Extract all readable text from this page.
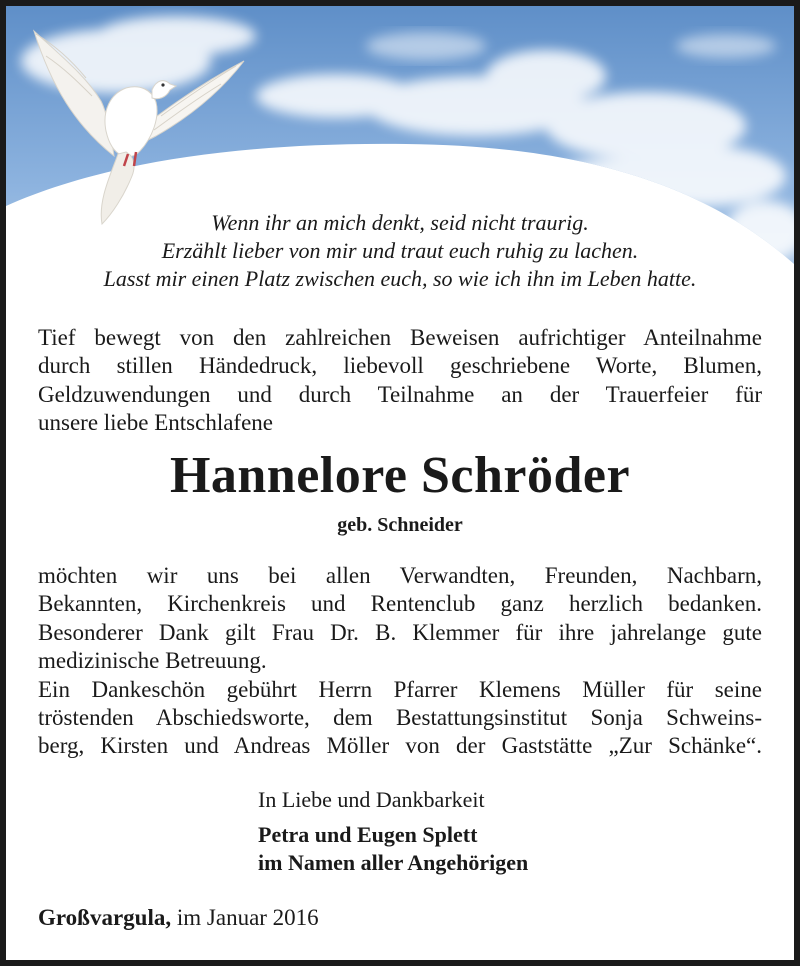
Wenn ihr an mich denkt, seid nicht traurig.
Erzählt lieber von mir und traut euch ruhig zu lachen.
Lasst mir einen Platz zwischen euch, so wie ich ihn im Leben hatte.
Tief bewegt von den zahlreichen Beweisen aufrichtiger Anteilnahme
durch stillen Händedruck, liebevoll geschriebene Worte, Blumen,
Geldzuwendungen und durch Teilnahme an der Trauerfeier für
unsere liebe Entschlafene
Hannelore Schröder
geb. Schneider
möchten wir uns bei allen Verwandten, Freunden, Nachbarn,
Bekannten, Kirchenkreis und Rentenclub ganz herzlich bedanken.
Besonderer Dank gilt Frau Dr. B. Klemmer für ihre jahrelange gute
medizinische Betreuung.
Ein Dankeschön gebührt Herrn Pfarrer Klemens Müller für seine
tröstenden Abschiedsworte, dem Bestattungsinstitut Sonja Schweins-
berg, Kirsten und Andreas Möller von der Gaststätte „Zur Schänke“.
In Liebe und Dankbarkeit
Petra und Eugen Splett
im Namen aller Angehörigen
Großvargula, im Januar 2016
